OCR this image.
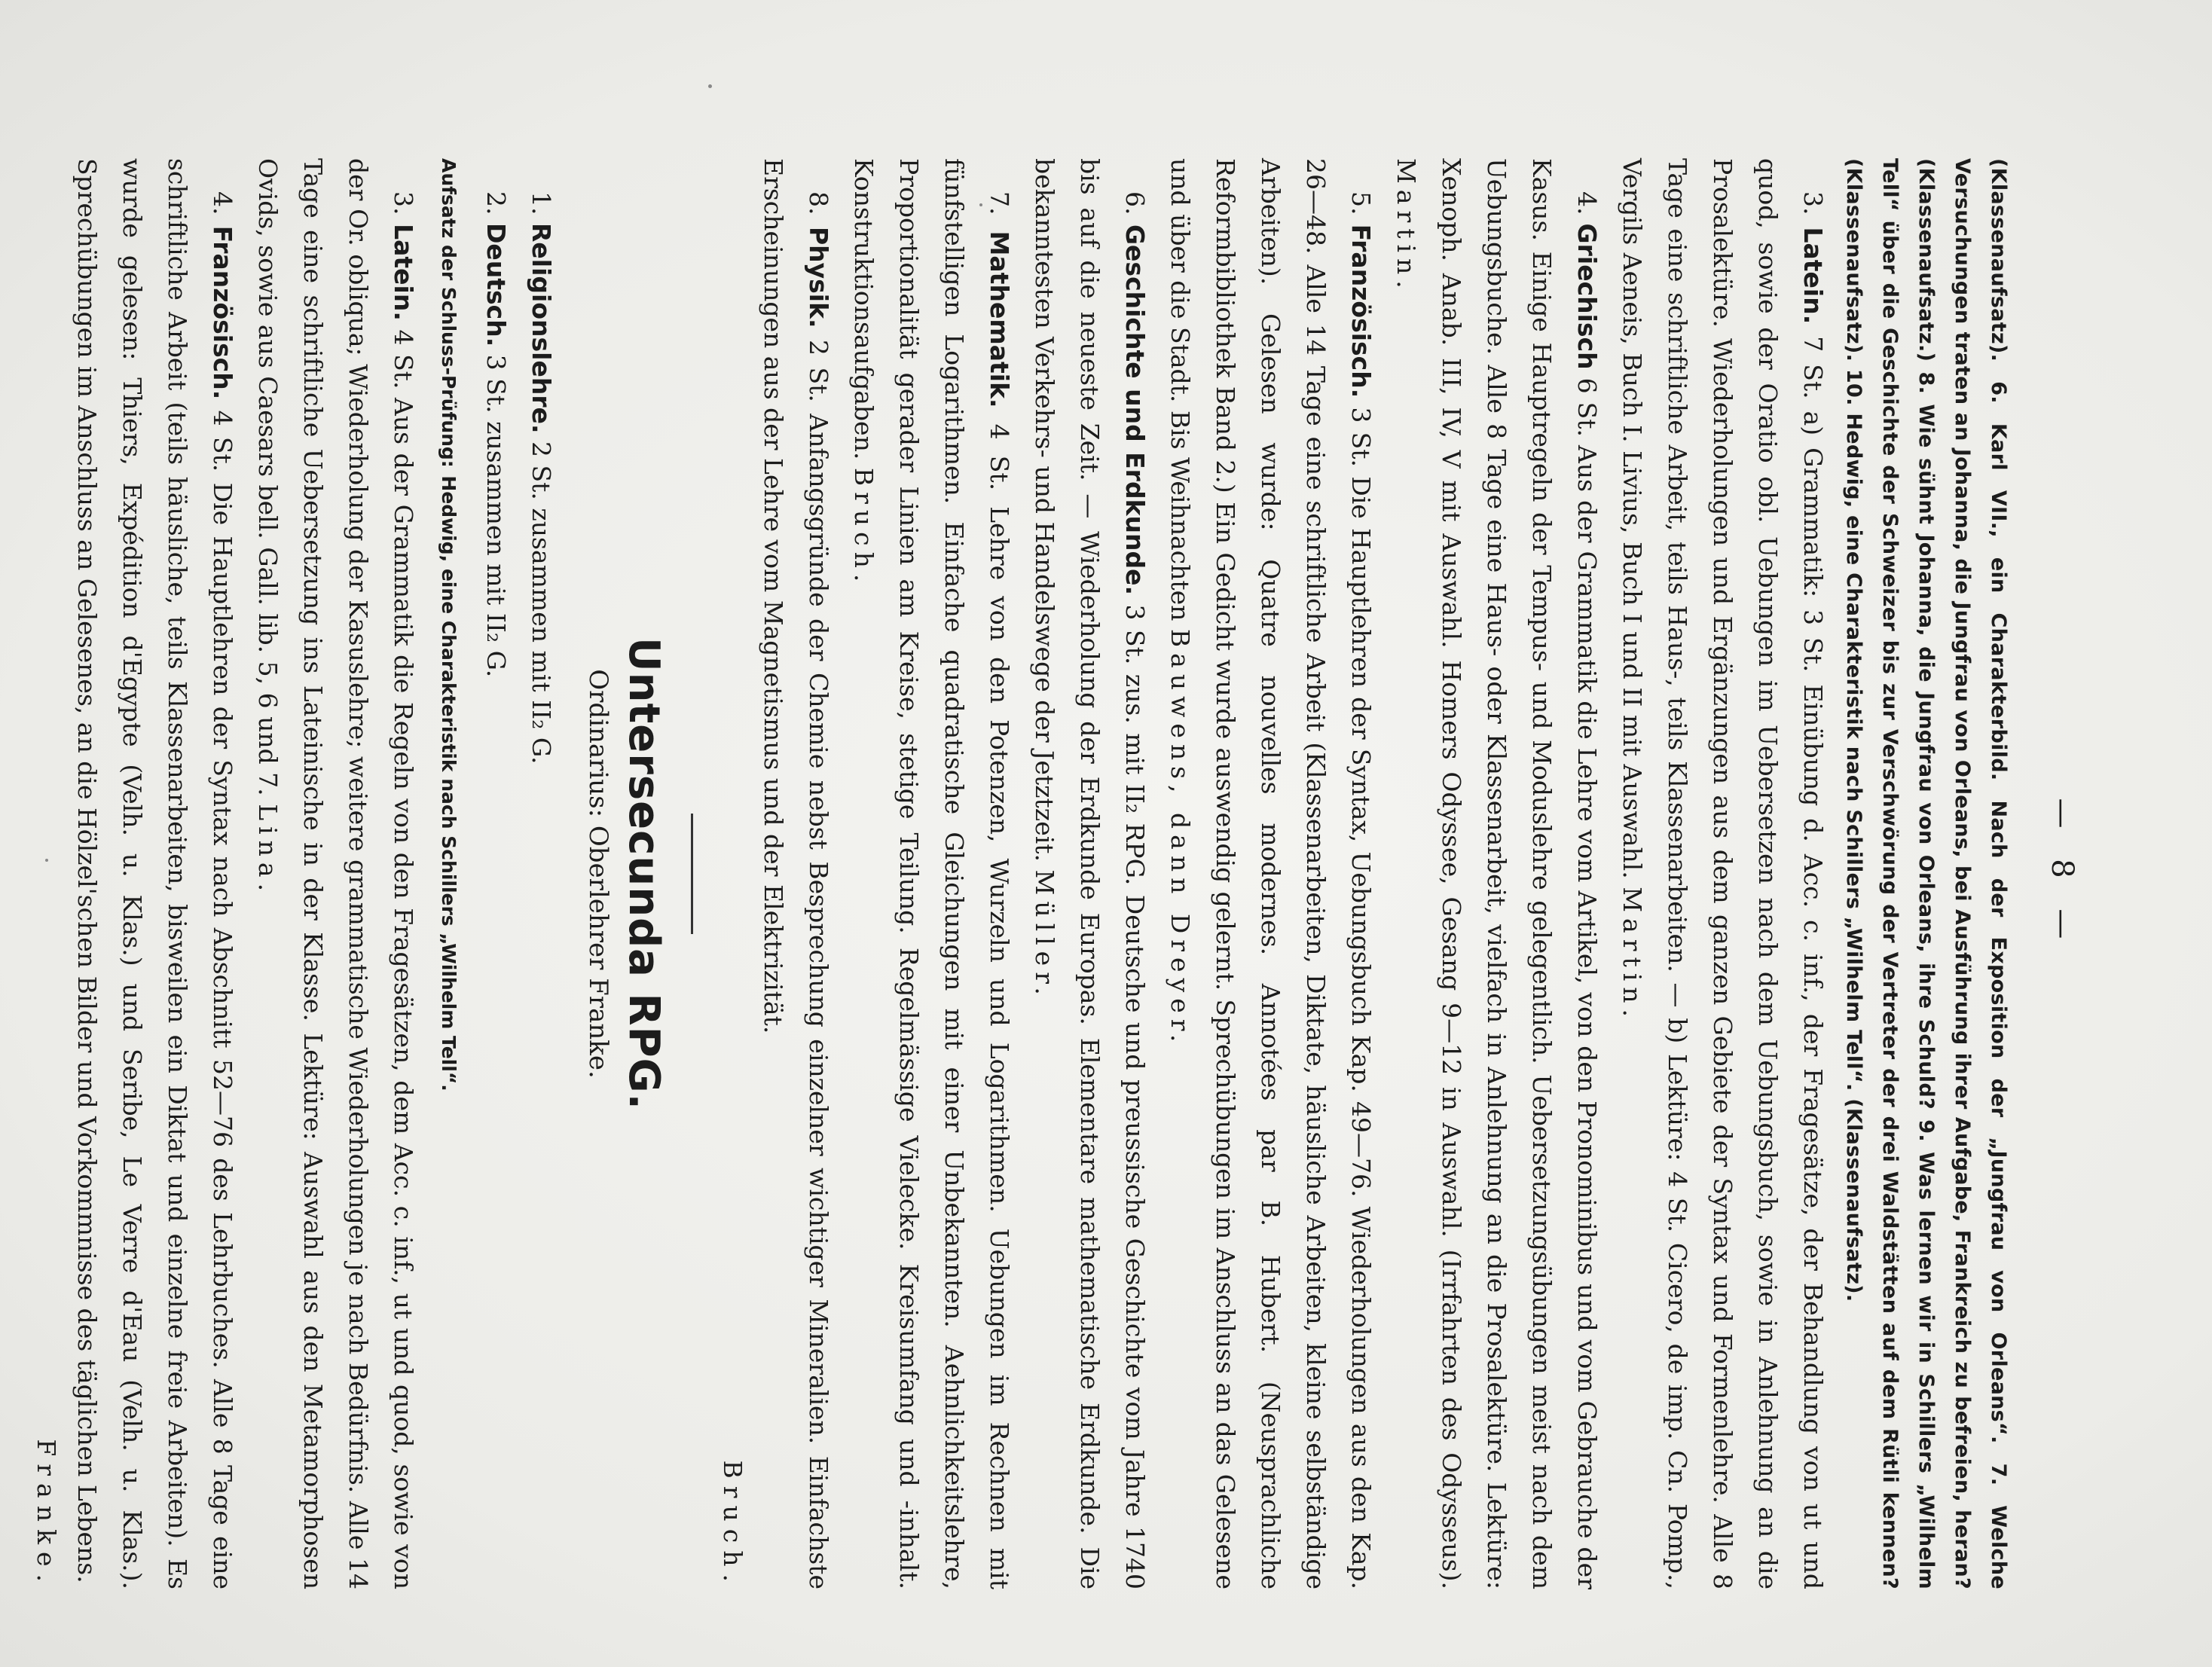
— 8 —
(Klassenaufsatz). 6. Karl VII., ein Charakterbild. Nach der Exposition der „Jungfrau von Orleans“. 7. Welche Versuchungen traten an Johanna, die Jungfrau von Orleans, bei Ausführung ihrer Aufgabe, Frankreich zu befreien, heran? (Klassenaufsatz.) 8. Wie sühnt Johanna, die Jungfrau von Orleans, ihre Schuld? 9. Was lernen wir in Schillers „Wilhelm Tell“ über die Geschichte der Schweizer bis zur Verschwörung der Vertreter der drei Waldstätten auf dem Rütli kennen? (Klassenaufsatz). 10. Hedwig, eine Charakteristik nach Schillers „Wilhelm Tell“. (Klassenaufsatz).

3. Latein. 7 St. a) Grammatik: 3 St. Einübung d. Acc. c. inf., der Fragesätze, der Behandlung von ut und quod, sowie der Oratio obl. Uebungen im Uebersetzen nach dem Uebungsbuch, sowie in Anlehnung an die Prosalektüre. Wiederholungen und Ergänzungen aus dem ganzen Gebiete der Syntax und Formenlehre. Alle 8 Tage eine schriftliche Arbeit, teils Haus-, teils Klassenarbeiten. — b) Lektüre: 4 St. Cicero, de imp. Cn. Pomp., Vergils Aeneis, Buch I. Livius, Buch I und II mit Auswahl. Martin.

4. Griechisch 6 St. Aus der Grammatik die Lehre vom Artikel, von den Pronominibus und vom Gebrauche der Kasus. Einige Hauptregeln der Tempus- und Moduslehre gelegentlich. Uebersetzungsübungen meist nach dem Uebungsbuche. Alle 8 Tage eine Haus- oder Klassenarbeit, vielfach in Anlehnung an die Prosalektüre. Lektüre: Xenoph. Anab. III, IV, V mit Auswahl. Homers Odyssee, Gesang 9—12 in Auswahl. (Irrfahrten des Odysseus). Martin.

5. Französisch. 3 St. Die Hauptlehren der Syntax, Uebungsbuch Kap. 49—76. Wiederholungen aus den Kap. 26—48. Alle 14 Tage eine schriftliche Arbeit (Klassenarbeiten, Diktate, häusliche Arbeiten, kleine selbständige Arbeiten). Gelesen wurde: Quatre nouvelles modernes. Annotées par B. Hubert. (Neusprachliche Reformbibliothek Band 2.) Ein Gedicht wurde auswendig gelernt. Sprechübungen im Anschluss an das Gelesene und über die Stadt. Bis Weihnachten Bauwens, dann Dreyer.

6. Geschichte und Erdkunde. 3 St. zus. mit II₂ RPG. Deutsche und preussische Geschichte vom Jahre 1740 bis auf die neueste Zeit. — Wiederholung der Erdkunde Europas. Elementare mathematische Erdkunde. Die bekanntesten Verkehrs- und Handelswege der Jetztzeit. Müller.

7. Mathematik. 4 St. Lehre von den Potenzen, Wurzeln und Logarithmen. Uebungen im Rechnen mit fünfstelligen Logarithmen. Einfache quadratische Gleichungen mit einer Unbekannten. Aehnlichkeitslehre, Proportionalität gerader Linien am Kreise, stetige Teilung. Regelmässige Vielecke. Kreisumfang und -inhalt. Konstruktionsaufgaben. Bruch.

8. Physik. 2 St. Anfangsgründe der Chemie nebst Besprechung einzelner wichtiger Mineralien. Einfachste Erscheinungen aus der Lehre vom Magnetismus und der Elektrizität.

Bruch.
Untersecunda RPG.
Ordinarius: Oberlehrer Franke.

1. Religionslehre. 2 St. zusammen mit II₂ G.

2. Deutsch. 3 St. zusammen mit II₂ G.

Aufsatz der Schluss-Prüfung: Hedwig, eine Charakteristik nach Schillers „Wilhelm Tell“.

3. Latein. 4 St. Aus der Grammatik die Regeln von den Fragesätzen, dem Acc. c. inf., ut und quod, sowie von der Or. obliqua; Wiederholung der Kasuslehre; weitere grammatische Wiederholungen je nach Bedürfnis. Alle 14 Tage eine schriftliche Uebersetzung ins Lateinische in der Klasse. Lektüre: Auswahl aus den Metamorphosen Ovids, sowie aus Caesars bell. Gall. lib. 5, 6 und 7. Lina.

4. Französisch. 4 St. Die Hauptlehren der Syntax nach Abschnitt 52—76 des Lehrbuches. Alle 8 Tage eine schriftliche Arbeit (teils häusliche, teils Klassenarbeiten, bisweilen ein Diktat und einzelne freie Arbeiten). Es wurde gelesen: Thiers, Expédition d'Egypte (Velh. u. Klas.) und Seribe, Le Verre d'Eau (Velh. u. Klas.). Sprechübungen im Anschluss an Gelesenes, an die Hölzel'schen Bilder und Vorkommnisse des täglichen Lebens.

Franke.
